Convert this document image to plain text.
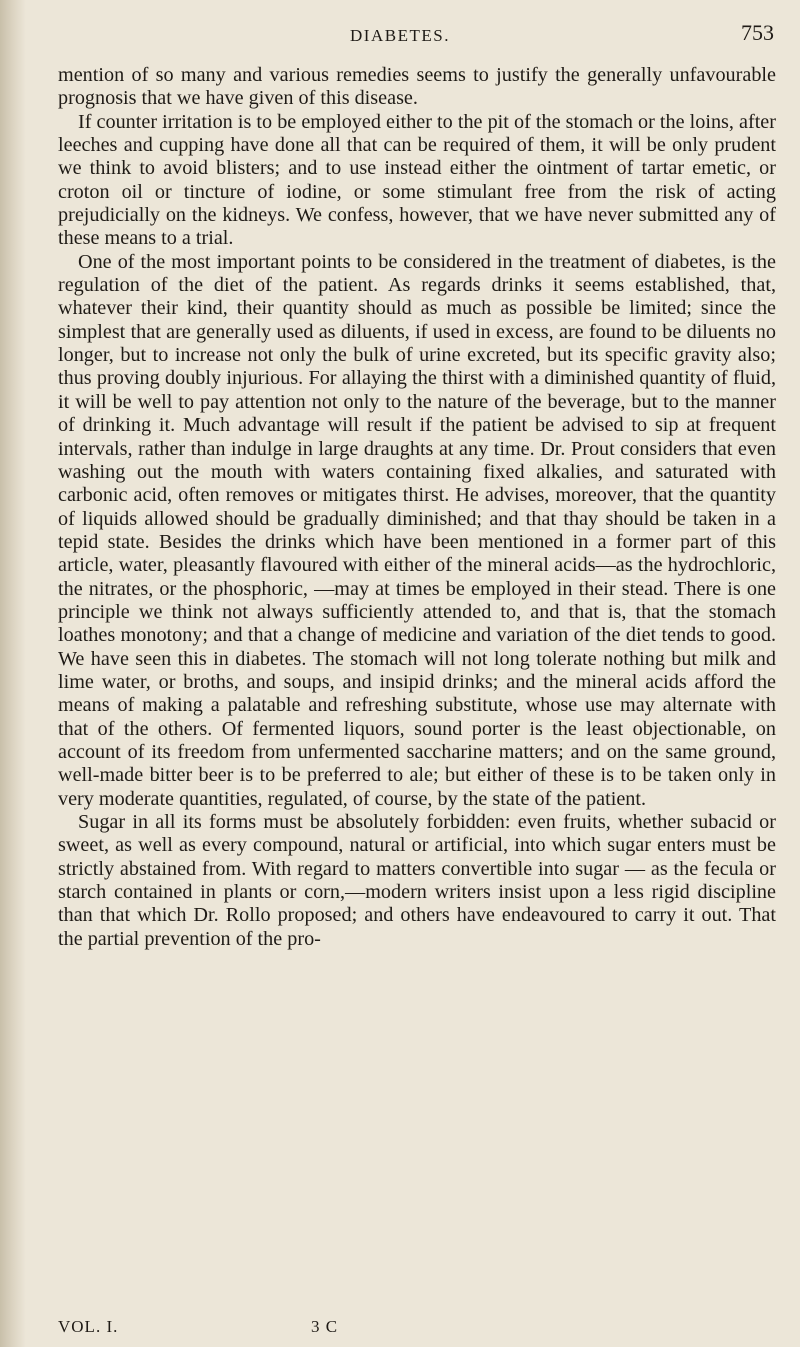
DIABETES.	753

mention of so many and various remedies seems to justify the generally unfavourable prognosis that we have given of this disease.

If counter irritation is to be employed either to the pit of the stomach or the loins, after leeches and cupping have done all that can be required of them, it will be only prudent we think to avoid blisters; and to use instead either the ointment of tartar emetic, or croton oil or tincture of iodine, or some stimulant free from the risk of acting prejudicially on the kidneys. We confess, however, that we have never submitted any of these means to a trial.

One of the most important points to be considered in the treatment of diabetes, is the regulation of the diet of the patient. As regards drinks it seems established, that, whatever their kind, their quantity should as much as possible be limited; since the simplest that are generally used as diluents, if used in excess, are found to be diluents no longer, but to increase not only the bulk of urine excreted, but its specific gravity also; thus proving doubly injurious. For allaying the thirst with a diminished quantity of fluid, it will be well to pay attention not only to the nature of the beverage, but to the manner of drinking it. Much advantage will result if the patient be advised to sip at frequent intervals, rather than indulge in large draughts at any time. Dr. Prout considers that even washing out the mouth with waters containing fixed alkalies, and saturated with carbonic acid, often removes or mitigates thirst. He advises, moreover, that the quantity of liquids allowed should be gradually diminished; and that thay should be taken in a tepid state. Besides the drinks which have been mentioned in a former part of this article, water, pleasantly flavoured with either of the mineral acids—as the hydrochloric, the nitrates, or the phosphoric, —may at times be employed in their stead. There is one principle we think not always sufficiently attended to, and that is, that the stomach loathes monotony; and that a change of medicine and variation of the diet tends to good. We have seen this in diabetes. The stomach will not long tolerate nothing but milk and lime water, or broths, and soups, and insipid drinks; and the mineral acids afford the means of making a palatable and refreshing substitute, whose use may alternate with that of the others. Of fermented liquors, sound porter is the least objectionable, on account of its freedom from unfermented saccharine matters; and on the same ground, well-made bitter beer is to be preferred to ale; but either of these is to be taken only in very moderate quantities, regulated, of course, by the state of the patient.

Sugar in all its forms must be absolutely forbidden: even fruits, whether subacid or sweet, as well as every compound, natural or artificial, into which sugar enters must be strictly abstained from. With regard to matters convertible into sugar — as the fecula or starch contained in plants or corn,—modern writers insist upon a less rigid discipline than that which Dr. Rollo proposed; and others have endeavoured to carry it out. That the partial prevention of the pro-

VOL. I.	3 C
